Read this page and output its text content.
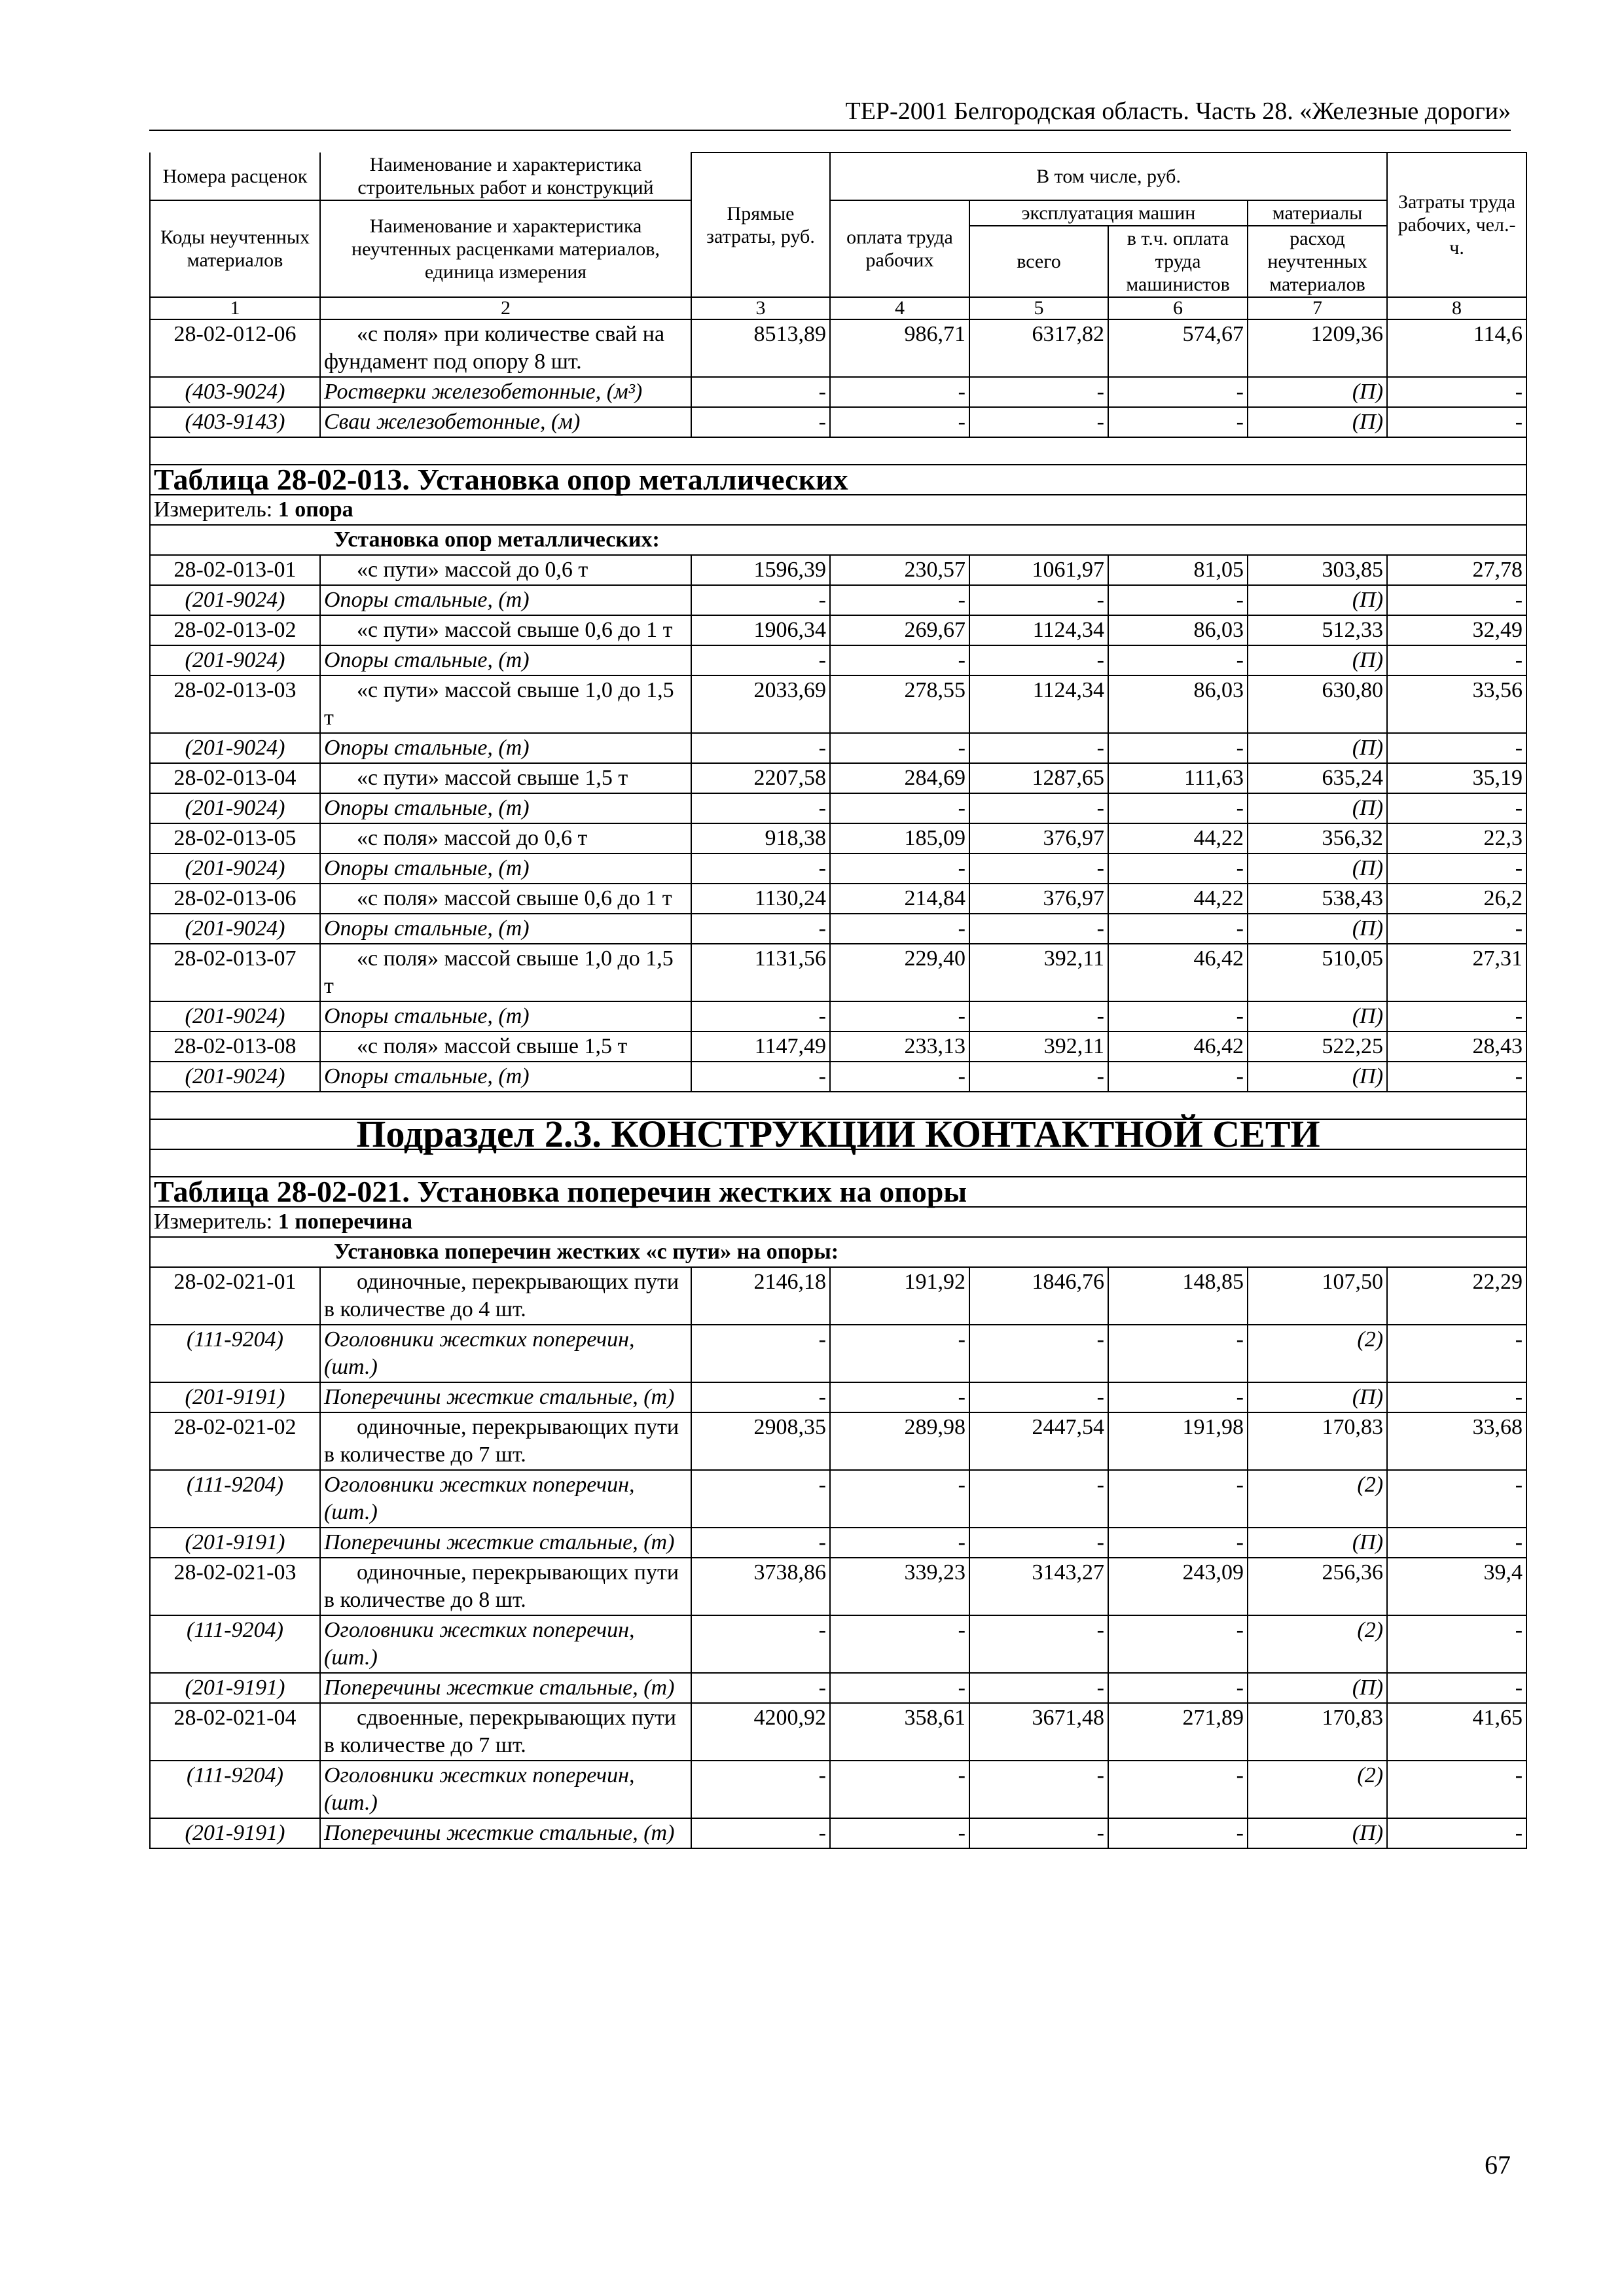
ТЕР-2001 Белгородская область. Часть 28. «Железные дороги»
Номера расценок	Наименование и характеристика строительных работ и конструкций	Прямые затраты, руб.	В том числе, руб.				Затраты труда рабочих, чел.-ч.
Коды неучтенных материалов	Наименование и характеристика неучтенных расценками материалов, единица измерения		оплата труда рабочих	эксплуатация машин		материалы	
				всего	в т.ч. оплата труда машинистов	расход неучтенных материалов	
1	2	3	4	5	6	7	8
28-02-012-06	«с поля» при количестве свай на фундамент под опору 8 шт.	8513,89	986,71	6317,82	574,67	1209,36	114,6
(403-9024)	Ростверки железобетонные, (м³)	-	-	-	-	(П)	-
(403-9143)	Сваи железобетонные, (м)	-	-	-	-	(П)	-

Таблица 28-02-013. Установка опор металлических							
Измеритель: 1 опора							
Установка опор металлических:							
28-02-013-01	«с пути» массой до 0,6 т	1596,39	230,57	1061,97	81,05	303,85	27,78
(201-9024)	Опоры стальные, (т)	-	-	-	-	(П)	-
28-02-013-02	«с пути» массой свыше 0,6 до 1 т	1906,34	269,67	1124,34	86,03	512,33	32,49
(201-9024)	Опоры стальные, (т)	-	-	-	-	(П)	-
28-02-013-03	«с пути» массой свыше 1,0 до 1,5 т	2033,69	278,55	1124,34	86,03	630,80	33,56
(201-9024)	Опоры стальные, (т)	-	-	-	-	(П)	-
28-02-013-04	«с пути» массой свыше 1,5 т	2207,58	284,69	1287,65	111,63	635,24	35,19
(201-9024)	Опоры стальные, (т)	-	-	-	-	(П)	-
28-02-013-05	«с поля» массой до 0,6 т	918,38	185,09	376,97	44,22	356,32	22,3
(201-9024)	Опоры стальные, (т)	-	-	-	-	(П)	-
28-02-013-06	«с поля» массой свыше 0,6 до 1 т	1130,24	214,84	376,97	44,22	538,43	26,2
(201-9024)	Опоры стальные, (т)	-	-	-	-	(П)	-
28-02-013-07	«с поля» массой свыше 1,0 до 1,5 т	1131,56	229,40	392,11	46,42	510,05	27,31
(201-9024)	Опоры стальные, (т)	-	-	-	-	(П)	-
28-02-013-08	«с поля» массой свыше 1,5 т	1147,49	233,13	392,11	46,42	522,25	28,43
(201-9024)	Опоры стальные, (т)	-	-	-	-	(П)	-

Подраздел 2.3. КОНСТРУКЦИИ КОНТАКТНОЙ СЕТИ							

Таблица 28-02-021. Установка поперечин жестких на опоры							
Измеритель: 1 поперечина							
Установка поперечин жестких «с пути» на опоры:							
28-02-021-01	одиночные, перекрывающих пути в количестве до 4 шт.	2146,18	191,92	1846,76	148,85	107,50	22,29
(111-9204)	Оголовники жестких поперечин, (шт.)	-	-	-	-	(2)	-
(201-9191)	Поперечины жесткие стальные, (т)	-	-	-	-	(П)	-
28-02-021-02	одиночные, перекрывающих пути в количестве до 7 шт.	2908,35	289,98	2447,54	191,98	170,83	33,68
(111-9204)	Оголовники жестких поперечин, (шт.)	-	-	-	-	(2)	-
(201-9191)	Поперечины жесткие стальные, (т)	-	-	-	-	(П)	-
28-02-021-03	одиночные, перекрывающих пути в количестве до 8 шт.	3738,86	339,23	3143,27	243,09	256,36	39,4
(111-9204)	Оголовники жестких поперечин, (шт.)	-	-	-	-	(2)	-
(201-9191)	Поперечины жесткие стальные, (т)	-	-	-	-	(П)	-
28-02-021-04	сдвоенные, перекрывающих пути в количестве до 7 шт.	4200,92	358,61	3671,48	271,89	170,83	41,65
(111-9204)	Оголовники жестких поперечин, (шт.)	-	-	-	-	(2)	-
(201-9191)	Поперечины жесткие стальные, (т)	-	-	-	-	(П)	-
67
